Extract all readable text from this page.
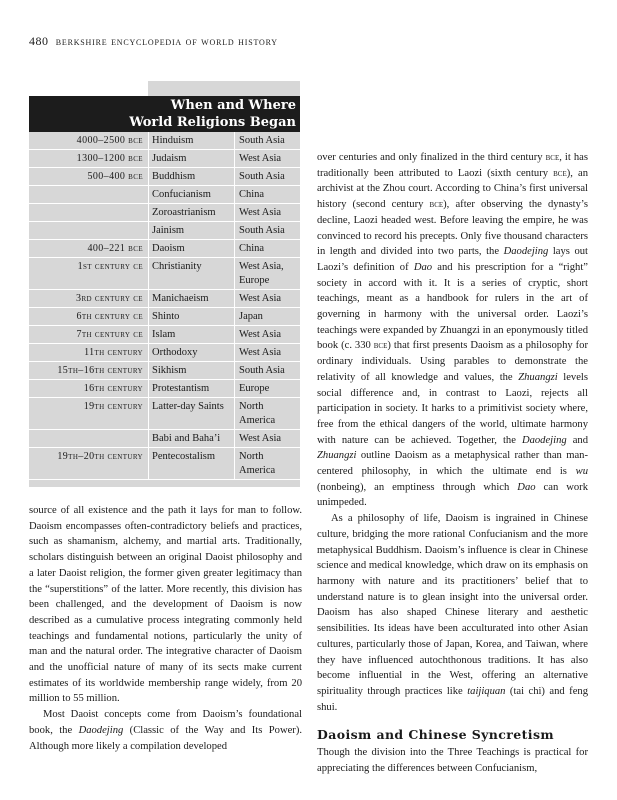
480 berkshire encyclopedia of world history
When and Where
World Religions Began
4000–2500 bce Hinduism	South Asia
1300–1200 bce Judaism	West Asia
500–400 bce Buddhism	South Asia
Confucianism	China
Zoroastrianism	West Asia
Jainism	South Asia
400–221 bce Daoism	China
1st century ce Christianity	West Asia, Europe
3rd century ce Manichaeism	West Asia
6th century ce Shinto	Japan
7th century ce Islam	West Asia
11th century Orthodoxy	West Asia
15th–16th century Sikhism	South Asia
16th century Protestantism	Europe
19th century Latter-day Saints	North America
Babi and Baha’i	West Asia
19th–20th century Pentecostalism	North America

source of all existence and the path it lays for man to follow. Daoism encompasses often-contradictory beliefs and practices, such as shamanism, alchemy, and martial arts. Traditionally, scholars distinguish between an original Daoist philosophy and a later Daoist religion, the former given greater legitimacy than the “superstitions” of the latter. More recently, this division has been challenged, and the development of Daoism is now described as a cumulative process integrating commonly held teachings and fundamental notions, particularly the unity of man and the natural order. The integrative character of Daoism and the unofficial nature of many of its sects make current estimates of its worldwide membership range widely, from 20 million to 55 million.

Most Daoist concepts come from Daoism’s foundational book, the Daodejing (Classic of the Way and Its Power). Although more likely a compilation developed

over centuries and only finalized in the third century bce, it has traditionally been attributed to Laozi (sixth century bce), an archivist at the Zhou court. According to China’s first universal history (second century bce), after observing the dynasty’s decline, Laozi headed west. Before leaving the empire, he was convinced to record his precepts. Only five thousand characters in length and divided into two parts, the Daodejing lays out Laozi’s definition of Dao and his prescription for a “right” society in accord with it. It is a series of cryptic, short teachings, meant as a handbook for rulers in the art of governing in harmony with the universal order. Laozi’s teachings were expanded by Zhuangzi in an eponymously titled book (c. 330 bce) that first presents Daoism as a philosophy for ordinary individuals. Using parables to demonstrate the relativity of all knowledge and values, the Zhuangzi levels social difference and, in contrast to Laozi, rejects all participation in society. It harks to a primitivist society where, free from the ethical dangers of the world, ultimate harmony with nature can be achieved. Together, the Daodejing and Zhuangzi outline Daoism as a metaphysical rather than man-centered philosophy, in which the ultimate end is wu (nonbeing), an emptiness through which Dao can work unimpeded.

As a philosophy of life, Daoism is ingrained in Chinese culture, bridging the more rational Confucianism and the more metaphysical Buddhism. Daoism’s influence is clear in Chinese science and medical knowledge, which draw on its emphasis on harmony with nature and its practitioners’ belief that to understand nature is to glean insight into the universal order. Daoism has also shaped Chinese literary and aesthetic sensibilities. Its ideas have been acculturated into other Asian cultures, particularly those of Japan, Korea, and Taiwan, where they have influenced autochthonous traditions. It has also become influential in the West, offering an alternative spirituality through practices like taijiquan (tai chi) and feng shui.

Daoism and Chinese Syncretism

Though the division into the Three Teachings is practical for appreciating the differences between Confucianism,
